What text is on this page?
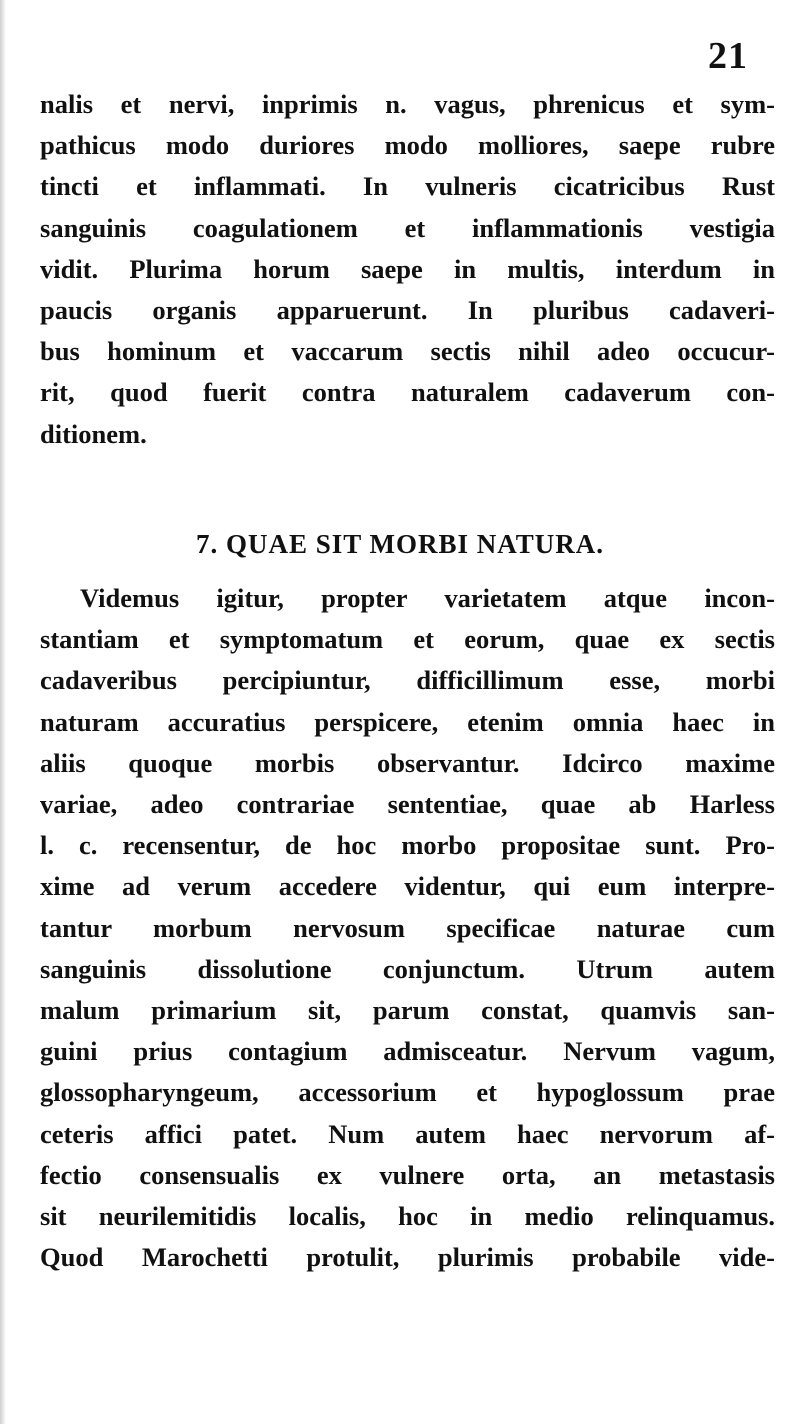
21
nalis et nervi, inprimis n. vagus, phrenicus et sym-
pathicus modo duriores modo molliores, saepe rubre
tincti et inflammati. In vulneris cicatricibus Rust
sanguinis coagulationem et inflammationis vestigia
vidit. Plurima horum saepe in multis, interdum in
paucis organis apparuerunt. In pluribus cadaveri-
bus hominum et vaccarum sectis nihil adeo occucur-
rit, quod fuerit contra naturalem cadaverum con-
ditionem.
7. QUAE SIT MORBI NATURA.
Videmus igitur, propter varietatem atque incon-
stantiam et symptomatum et eorum, quae ex sectis
cadaveribus percipiuntur, difficillimum esse, morbi
naturam accuratius perspicere, etenim omnia haec in
aliis quoque morbis observantur. Idcirco maxime
variae, adeo contrariae sententiae, quae ab Harless
l. c. recensentur, de hoc morbo propositae sunt. Pro-
xime ad verum accedere videntur, qui eum interpre-
tantur morbum nervosum specificae naturae cum
sanguinis dissolutione conjunctum. Utrum autem
malum primarium sit, parum constat, quamvis san-
guini prius contagium admisceatur. Nervum vagum,
glossopharyngeum, accessorium et hypoglossum prae
ceteris affici patet. Num autem haec nervorum af-
fectio consensualis ex vulnere orta, an metastasis
sit neurilemitidis localis, hoc in medio relinquamus.
Quod Marochetti protulit, plurimis probabile vide-
